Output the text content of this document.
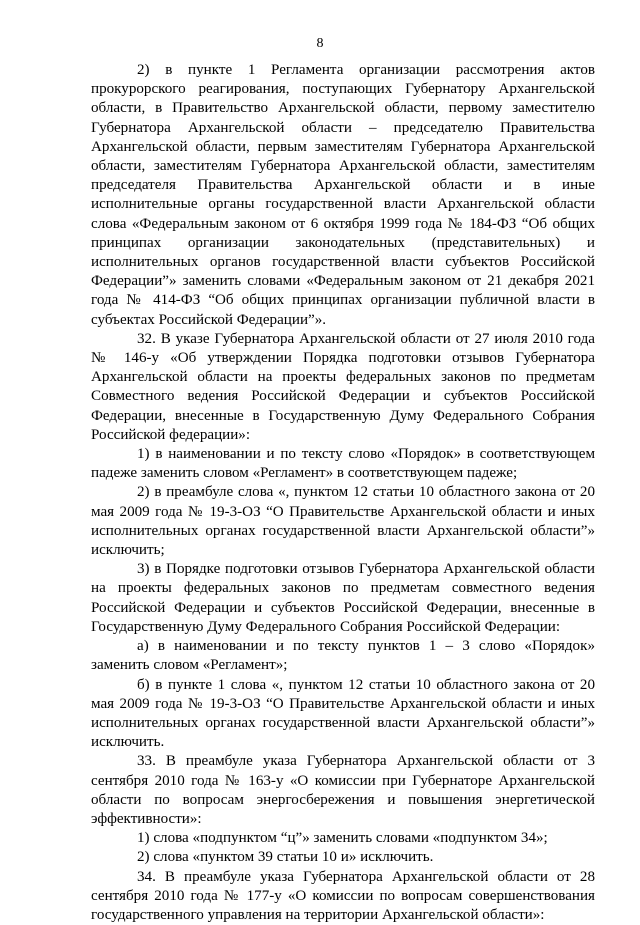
8

2) в пункте 1 Регламента организации рассмотрения актов прокурорского реагирования, поступающих Губернатору Архангельской области, в Правительство Архангельской области, первому заместителю Губернатора Архангельской области – председателю Правительства Архангельской области, первым заместителям Губернатора Архангельской области, заместителям Губернатора Архангельской области, заместителям председателя Правительства Архангельской области и в иные исполнительные органы государственной власти Архангельской области слова «Федеральным законом от 6 октября 1999 года № 184-ФЗ “Об общих принципах организации законодательных (представительных) и исполнительных органов государственной власти субъектов Российской Федерации”» заменить словами «Федеральным законом от 21 декабря 2021 года № 414-ФЗ “Об общих принципах организации публичной власти в субъектах Российской Федерации”».

32. В указе Губернатора Архангельской области от 27 июля 2010 года № 146-у «Об утверждении Порядка подготовки отзывов Губернатора Архангельской области на проекты федеральных законов по предметам Совместного ведения Российской Федерации и субъектов Российской Федерации, внесенные в Государственную Думу Федерального Собрания Российской федерации»:

1) в наименовании и по тексту слово «Порядок» в соответствующем падеже заменить словом «Регламент» в соответствующем падеже;

2) в преамбуле слова «, пунктом 12 статьи 10 областного закона от 20 мая 2009 года № 19-3-ОЗ “О Правительстве Архангельской области и иных исполнительных органах государственной власти Архангельской области”» исключить;

3) в Порядке подготовки отзывов Губернатора Архангельской области на проекты федеральных законов по предметам совместного ведения Российской Федерации и субъектов Российской Федерации, внесенные в Государственную Думу Федерального Собрания Российской Федерации:

а) в наименовании и по тексту пунктов 1 – 3 слово «Порядок» заменить словом «Регламент»;

б) в пункте 1 слова «, пунктом 12 статьи 10 областного закона от 20 мая 2009 года № 19-3-ОЗ “О Правительстве Архангельской области и иных исполнительных органах государственной власти Архангельской области”» исключить.

33. В преамбуле указа Губернатора Архангельской области от 3 сентября 2010 года № 163-у «О комиссии при Губернаторе Архангельской области по вопросам энергосбережения и повышения энергетической эффективности»:

1) слова «подпунктом “ц”» заменить словами «подпунктом 34»;

2) слова «пунктом 39 статьи 10 и» исключить.

34. В преамбуле указа Губернатора Архангельской области от 28 сентября 2010 года № 177-у «О комиссии по вопросам совершенствования государственного управления на территории Архангельской области»:
